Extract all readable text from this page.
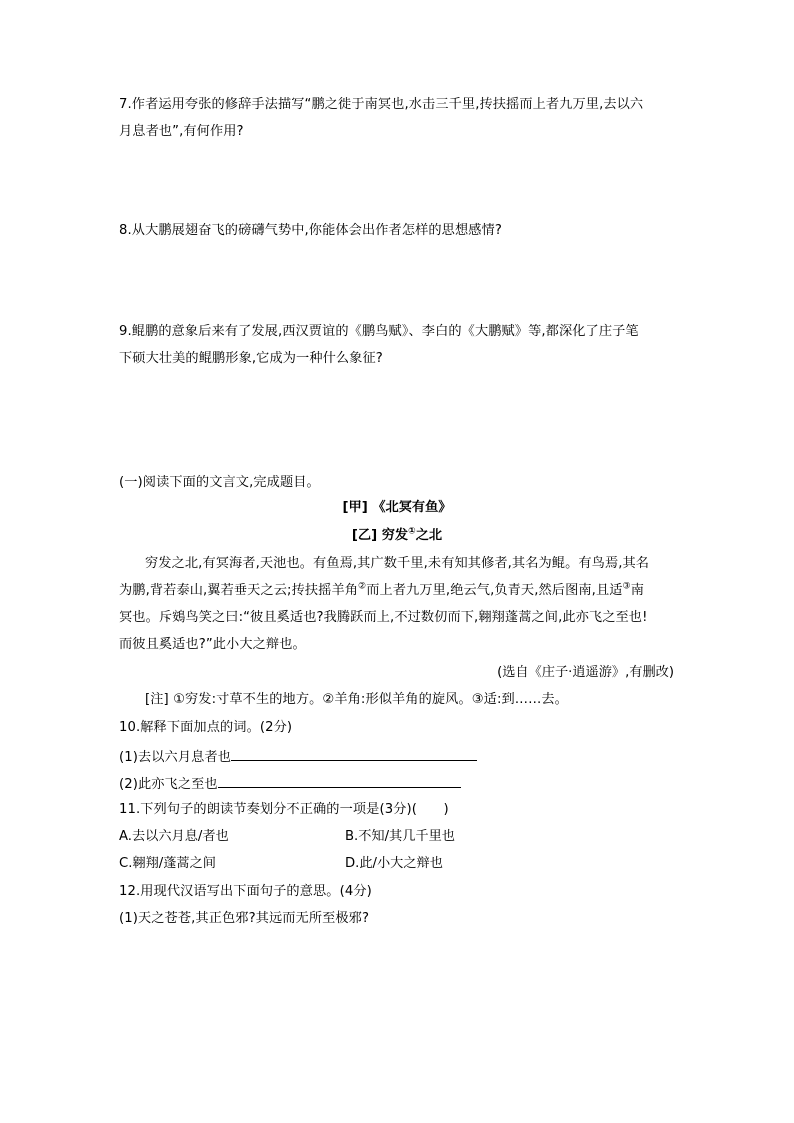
7.作者运用夸张的修辞手法描写“鹏之徙于南冥也,水击三千里,抟扶摇而上者九万里,去以六
月息者也”,有何作用?
8.从大鹏展翅奋飞的磅礴气势中,你能体会出作者怎样的思想感情?
9.鲲鹏的意象后来有了发展,西汉贾谊的《鹏鸟赋》、李白的《大鹏赋》等,都深化了庄子笔
下硕大壮美的鲲鹏形象,它成为一种什么象征?
(一)阅读下面的文言文,完成题目。
[甲] 《北冥有鱼》
[乙] 穷发①之北
穷发之北,有冥海者,天池也。有鱼焉,其广数千里,未有知其修者,其名为鲲。有鸟焉,其名
为鹏,背若泰山,翼若垂天之云;抟扶摇羊角②而上者九万里,绝云气,负青天,然后图南,且适③南
冥也。斥鴳鸟笑之曰:“彼且奚适也?我腾跃而上,不过数仞而下,翱翔蓬蒿之间,此亦飞之至也!
而彼且奚适也?”此小大之辩也。
(选自《庄子·逍遥游》,有删改)
[注] ①穷发:寸草不生的地方。②羊角:形似羊角的旋风。③适:到……去。
10.解释下面加点的词。(2分)
(1)去以六月息者也
(2)此亦飞之至也
11.下列句子的朗读节奏划分不正确的一项是(3分)(　　)
A.去以六月息/者也	B.不知/其几千里也
C.翱翔/蓬蒿之间	D.此/小大之辩也
12.用现代汉语写出下面句子的意思。(4分)
(1)天之苍苍,其正色邪?其远而无所至极邪?
